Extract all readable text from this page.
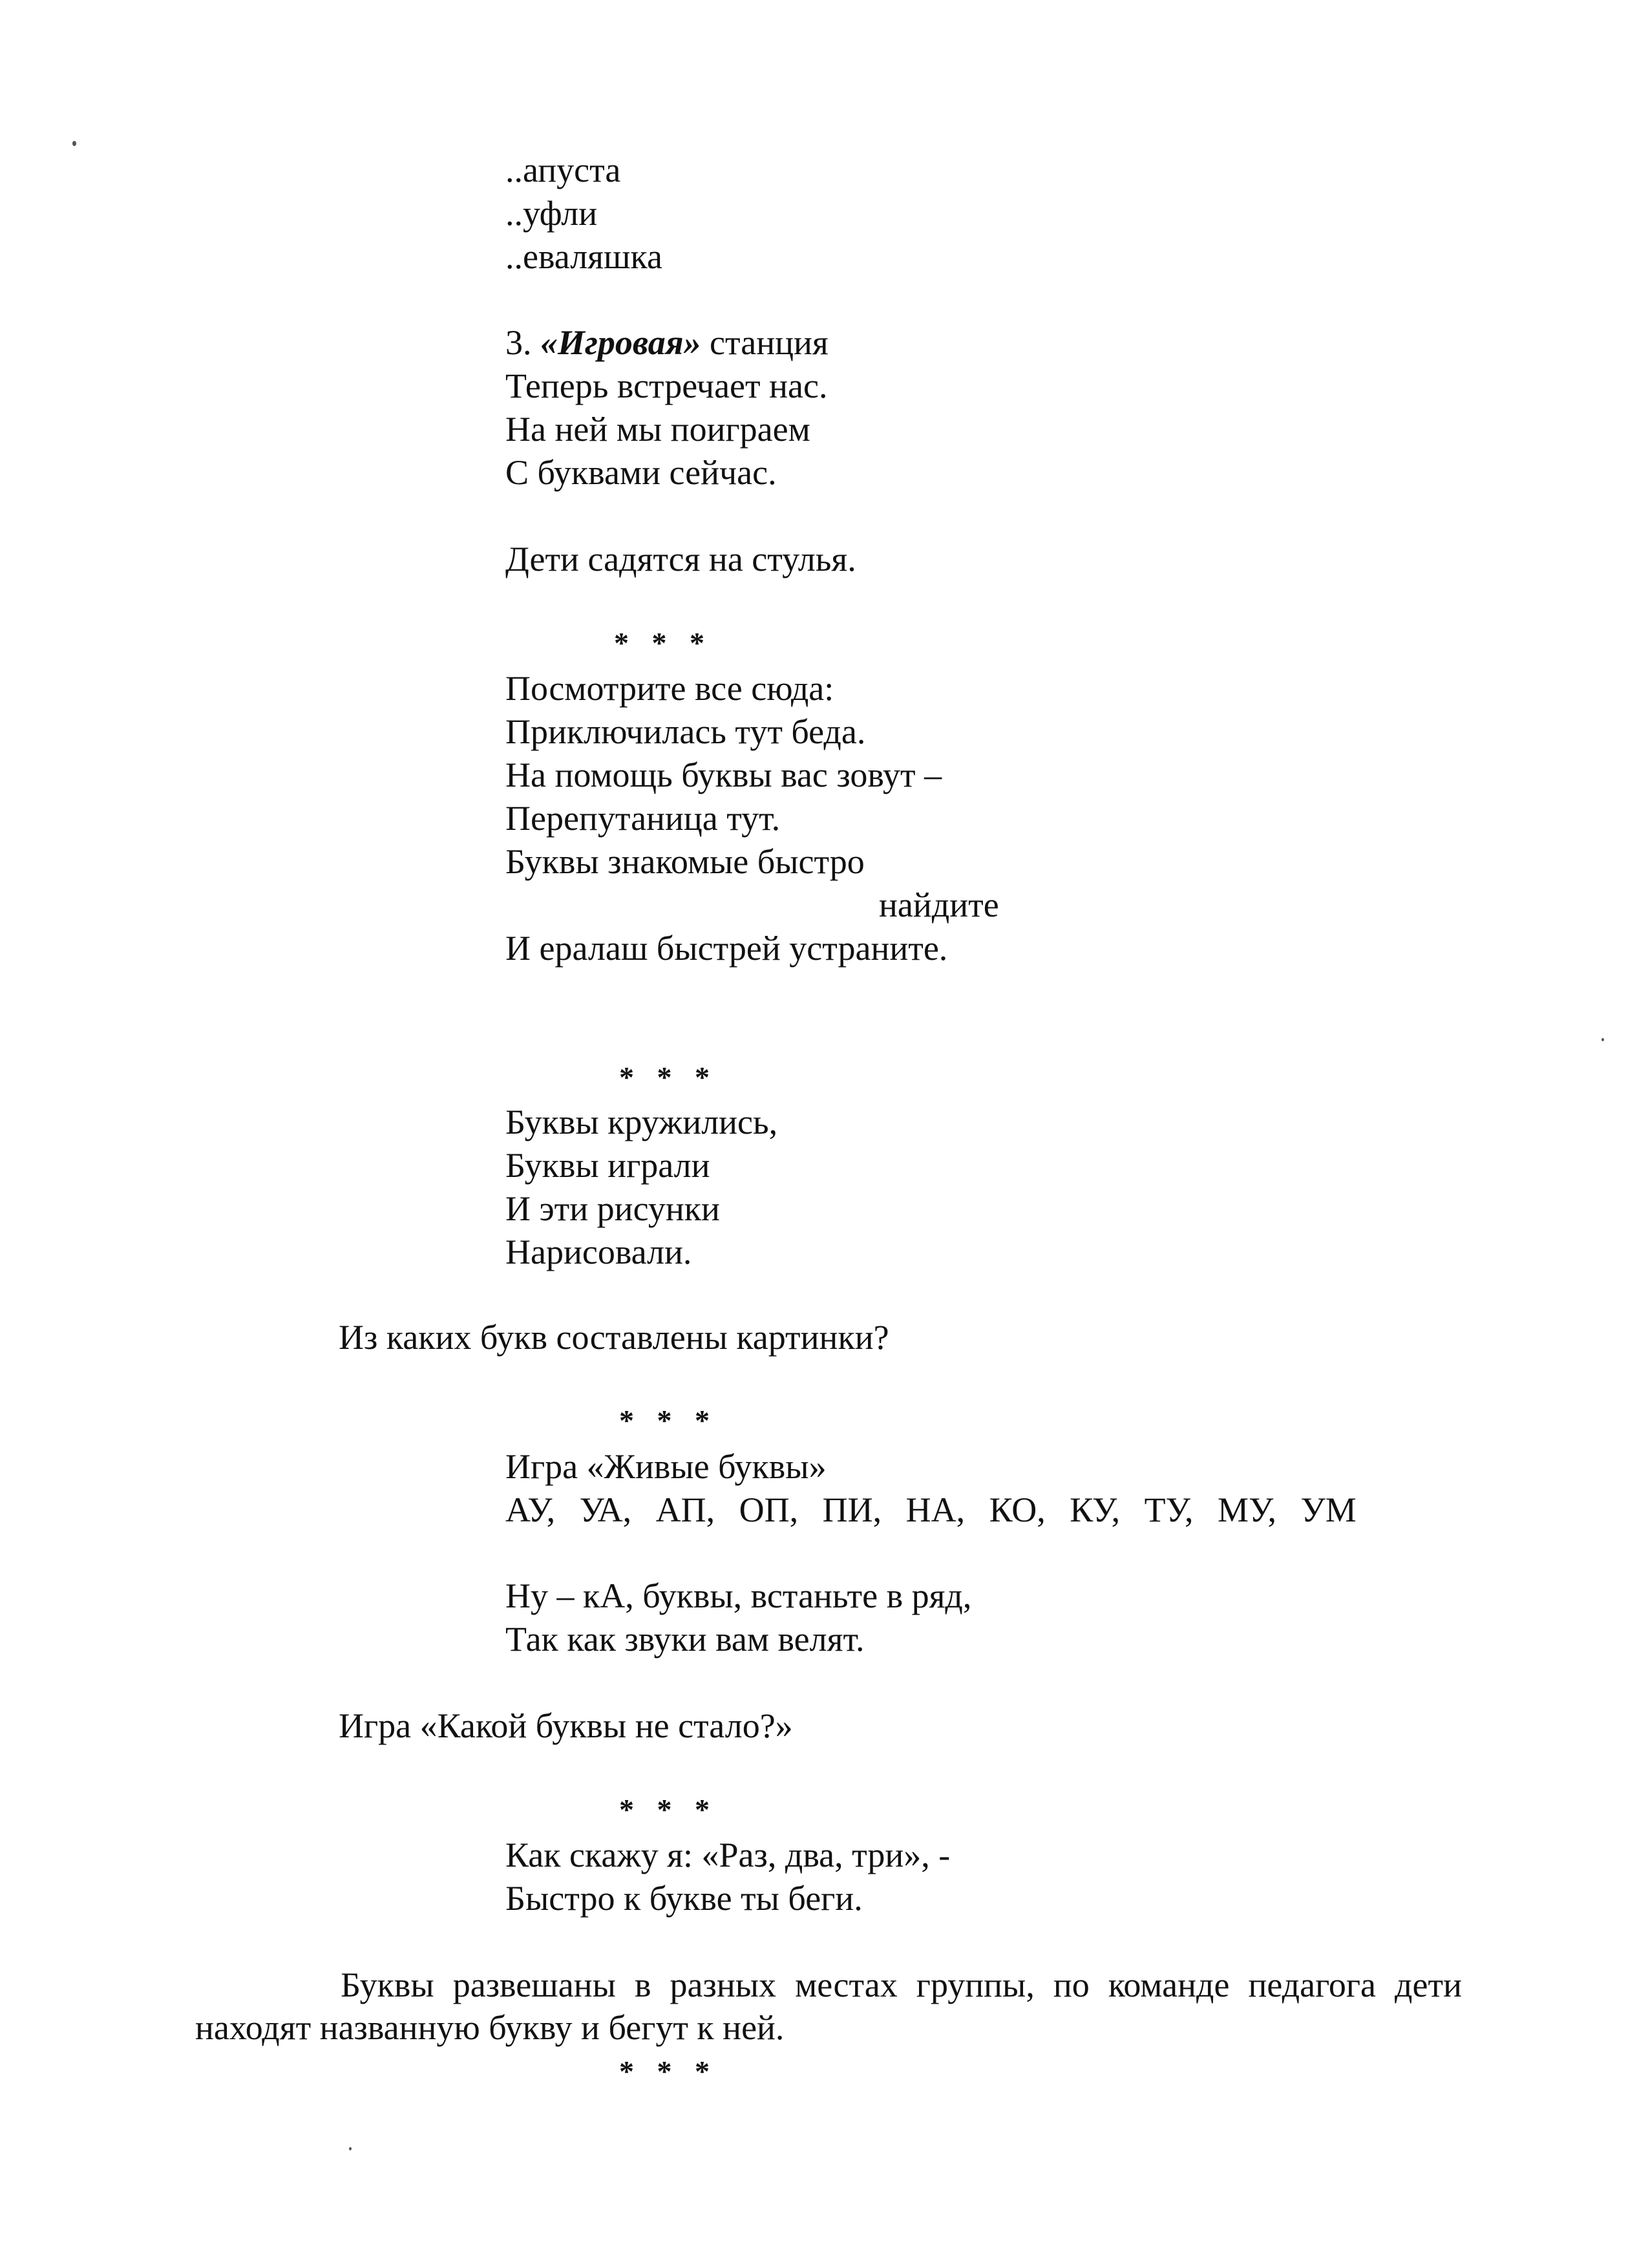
..апуста

..уфли

..еваляшка

3. «Игровая» станция

Теперь встречает нас.

На ней мы поиграем

С буквами сейчас.

Дети садятся на стулья.

* * *

Посмотрите все сюда:

Приключилась тут беда.

На помощь буквы вас зовут –

Перепутаница тут.

Буквы знакомые быстро

найдите

И ералаш быстрей устраните.

* * *

Буквы кружились,

Буквы играли

И эти рисунки

Нарисовали.

Из каких букв составлены картинки?

* * *

Игра «Живые буквы»

АУ, УА, АП, ОП, ПИ, НА, КО, КУ, ТУ, МУ, УМ

Ну – кА, буквы, встаньте в ряд,

Так как звуки вам велят.

Игра «Какой буквы не стало?»

* * *

Как скажу я: «Раз, два, три», -

Быстро к букве ты беги.

Буквы развешаны в разных местах группы, по команде педагога дети находят названную букву и бегут к ней.

* * *
